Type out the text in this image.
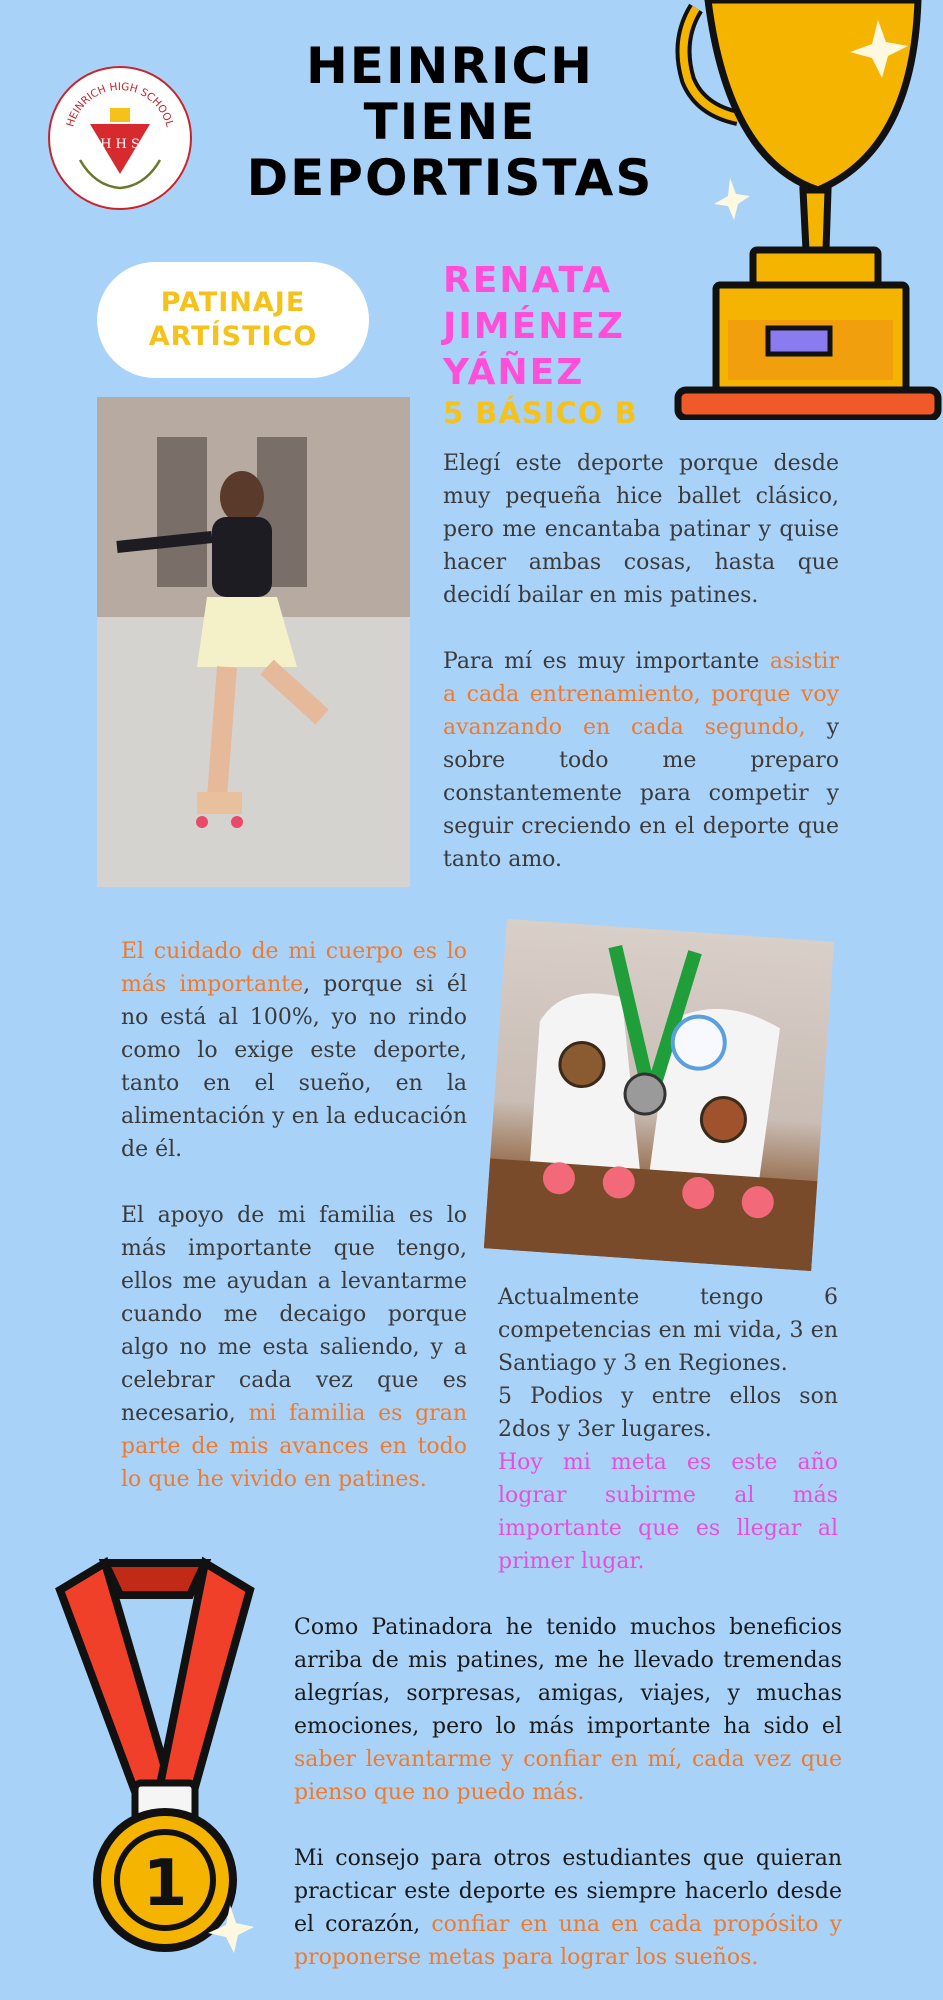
HEINRICH
TIENE
DEPORTISTAS
HEINRICH HIGH SCHOOL
H H S
PATINAJE
ARTÍSTICO
RENATA
JIMÉNEZ
YÁÑEZ
5 BÁSICO B

Elegí este deporte porque desde muy pequeña hice ballet clásico, pero me encantaba patinar y quise hacer ambas cosas, hasta que decidí bailar en mis patines.

Para mí es muy importante asistir a cada entrenamiento, porque voy avanzando en cada segundo, y sobre todo me preparo constantemente para competir y seguir creciendo en el deporte que tanto amo.

El cuidado de mi cuerpo es lo más importante, porque si él no está al 100%, yo no rindo como lo exige este deporte, tanto en el sueño, en la alimentación y en la educación de él.

El apoyo de mi familia es lo más importante que tengo, ellos me ayudan a levantarme cuando me decaigo porque algo no me esta saliendo, y a celebrar cada vez que es necesario, mi familia es gran parte de mis avances en todo lo que he vivido en patines.

Actualmente tengo 6 competencias en mi vida, 3 en Santiago y 3 en Regiones.

5 Podios y entre ellos son 2dos y 3er lugares.

Hoy mi meta es este año lograr subirme al más importante que es llegar al primer lugar.

1

Como Patinadora he tenido muchos beneficios arriba de mis patines, me he llevado tremendas alegrías, sorpresas, amigas, viajes, y muchas emociones, pero lo más importante ha sido el saber levantarme y confiar en mí, cada vez que pienso que no puedo más.

Mi consejo para otros estudiantes que quieran practicar este deporte es siempre hacerlo desde el corazón, confiar en una en cada propósito y proponerse metas para lograr los sueños.
